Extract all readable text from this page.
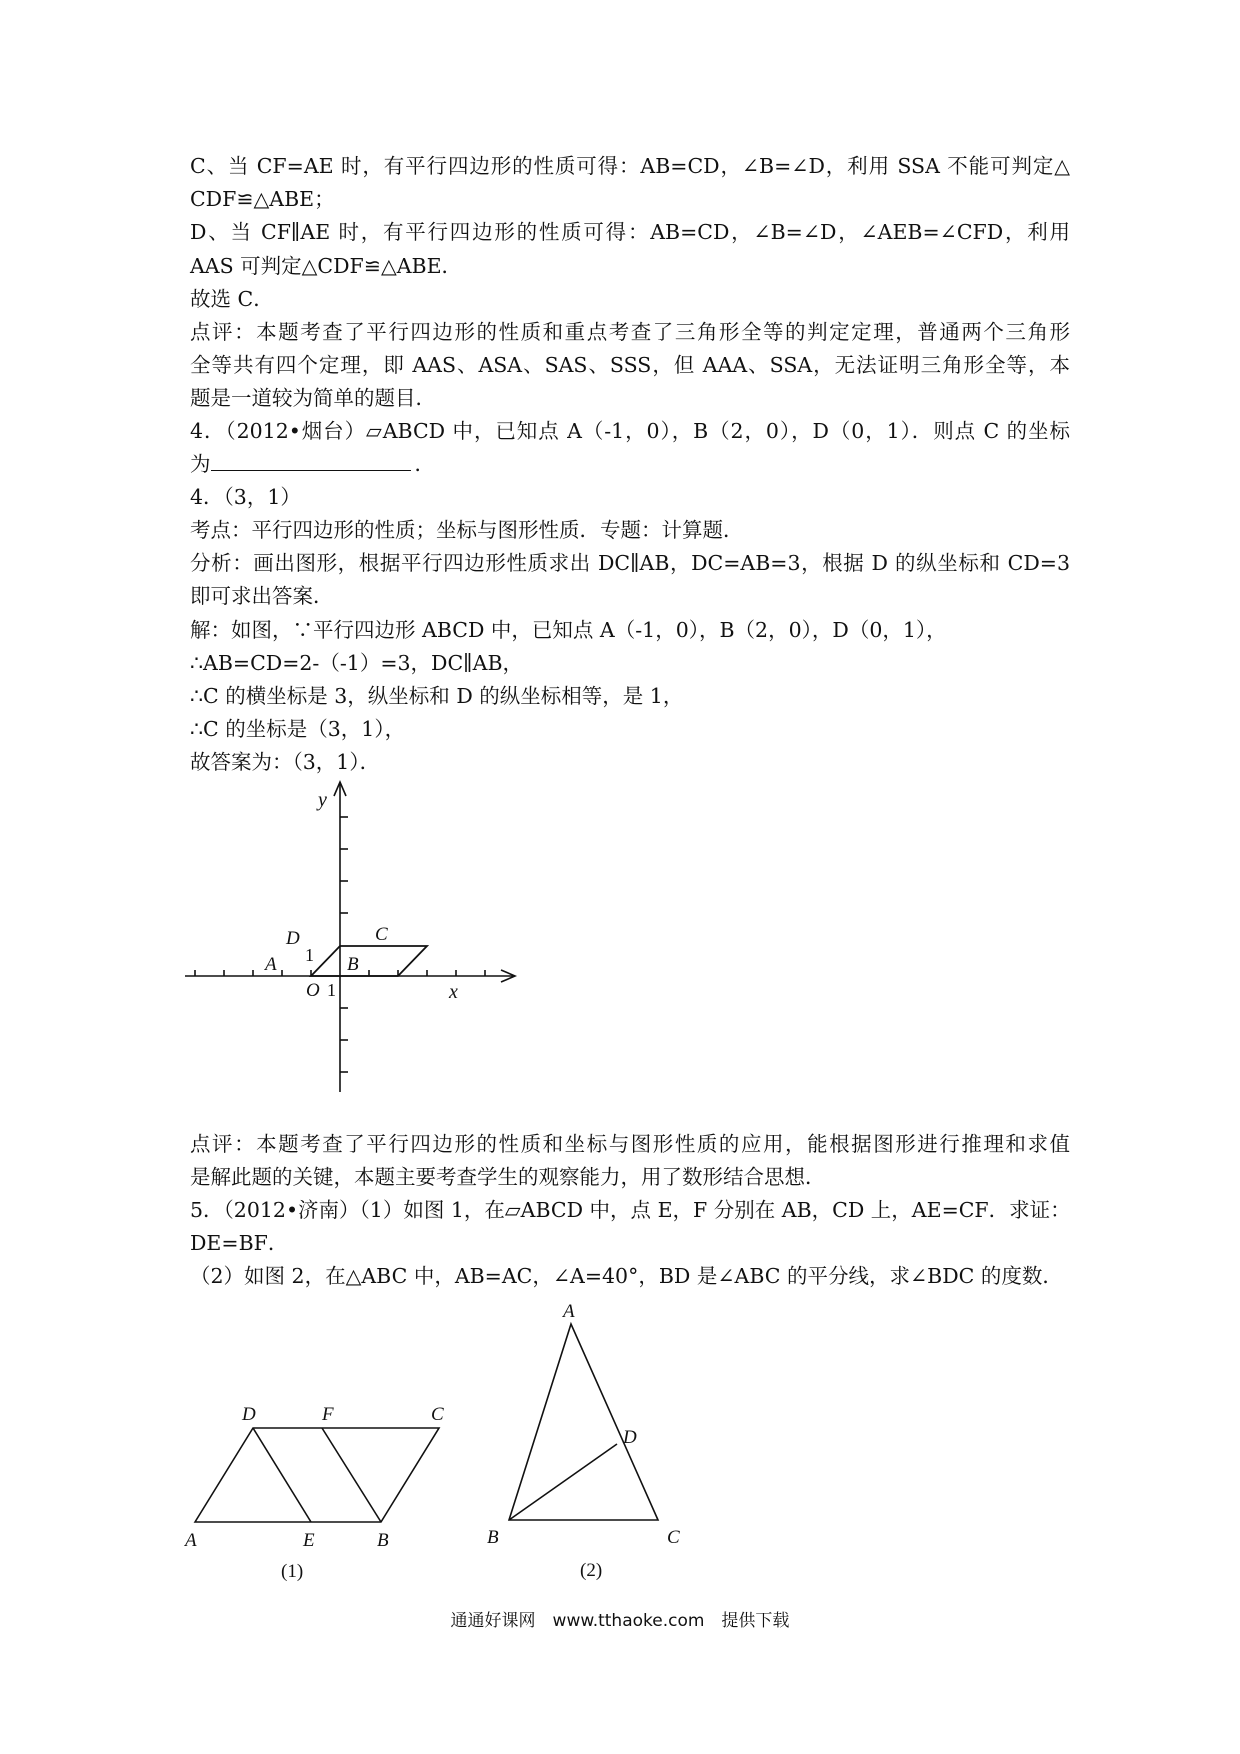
C、当 CF=AE 时，有平行四边形的性质可得：AB=CD，∠B=∠D，利用 SSA 不能可判定△
CDF≌△ABE；
D、当 CF∥AE 时，有平行四边形的性质可得：AB=CD，∠B=∠D，∠AEB=∠CFD，利用
AAS 可判定△CDF≌△ABE．
故选 C．
点评：本题考查了平行四边形的性质和重点考查了三角形全等的判定定理，普通两个三角形
全等共有四个定理，即 AAS、ASA、SAS、SSS，但 AAA、SSA，无法证明三角形全等，本
题是一道较为简单的题目．
4．（2012•烟台）▱ABCD 中，已知点 A（-1，0），B（2，0），D（0，1）．则点 C 的坐标
为	．
4．（3，1）
考点：平行四边形的性质；坐标与图形性质．专题：计算题．
分析：画出图形，根据平行四边形性质求出 DC∥AB，DC=AB=3，根据 D 的纵坐标和 CD=3
即可求出答案．
解：如图，∵平行四边形 ABCD 中，已知点 A（-1，0），B（2，0），D（0，1），
∴AB=CD=2-（-1）=3，DC∥AB，
∴C 的横坐标是 3，纵坐标和 D 的纵坐标相等，是 1，
∴C 的坐标是（3，1），
故答案为：（3，1）．
y
x
O 1
1
A	B
C
D
点评：本题考查了平行四边形的性质和坐标与图形性质的应用，能根据图形进行推理和求值
是解此题的关键，本题主要考查学生的观察能力，用了数形结合思想．
5．（2012•济南）（1）如图 1，在▱ABCD 中，点 E，F 分别在 AB，CD 上，AE=CF．求证：
DE=BF．
（2）如图 2，在△ABC 中，AB=AC，∠A=40°，BD 是∠ABC 的平分线，求∠BDC 的度数．
A	E	B
C
D	F
(1)
A
B	C
D
(2)
通通好课网　www.tthaoke.com　提供下载
